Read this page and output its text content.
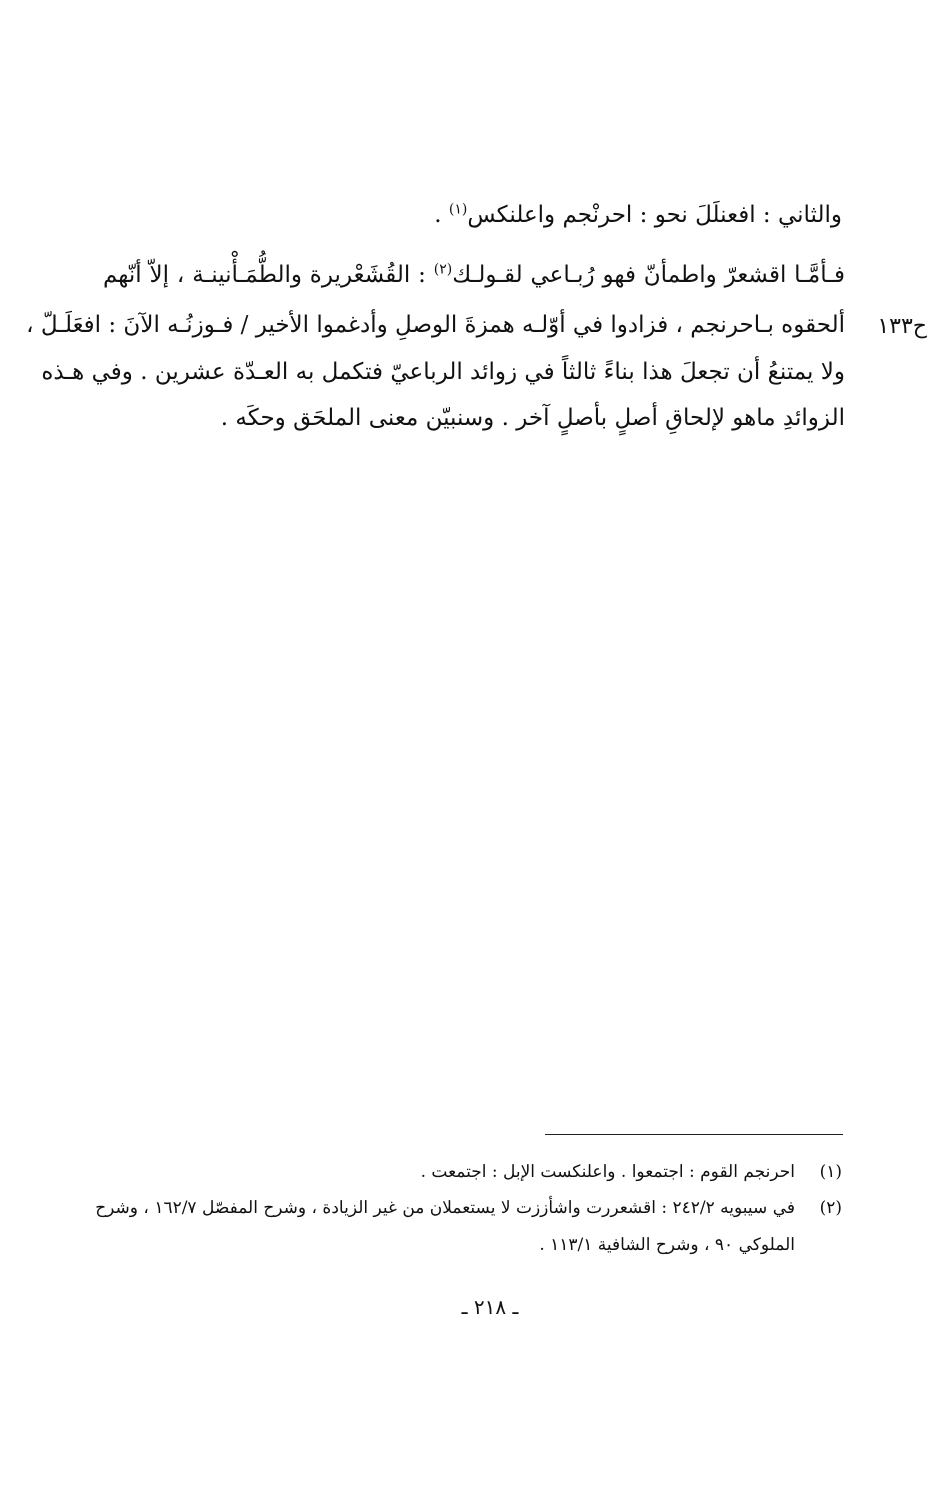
والثاني : افعنلَلَ نحو : احرنْجم واعلنكس$^{(١)}$ .
فـأمَّـا اقشعرّ واطمأنّ فهو رُبـاعي لقـولـك$^{(٢)}$ : القُشَعْريرة والطُّمَـأْنينـة ، إلاّ أنّهم
ح١٣٣
ألحقوه بـاحرنجم ، فزادوا في أوّلـه همزةَ الوصلِ وأدغموا الأخير / فـوزنُـه الآنَ : افعَلَـلّ ،
ولا يمتنعُ أن تجعلَ هذا بناءً ثالثاً في زوائد الرباعيّ فتكمل به العـدّة عشرين . وفي هـذه
الزوائدِ ماهو لإلحاقِ أصلٍ بأصلٍ آخر . وسنبيّن معنى الملحَق وحكَه .
(١)
احرنجم القوم : اجتمعوا . واعلنكست الإبل : اجتمعت .
(٢)
في سيبويه ٢٤٢/٢ : اقشعررت واشأززت لا يستعملان من غير الزيادة ، وشرح المفصّل ١٦٢/٧ ، وشرح
الملوكي ٩٠ ، وشرح الشافية ١١٣/١ .
ـ ٢١٨ ـ
